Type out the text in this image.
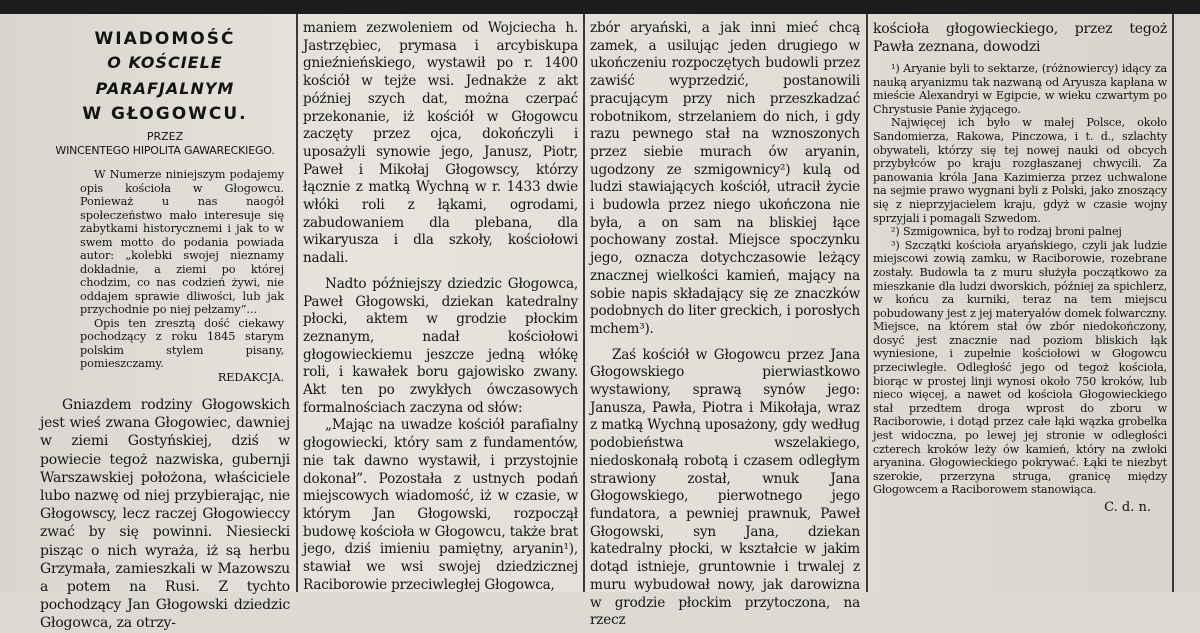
WIADOMOŚĆ
O KOŚCIELE PARAFJALNYM
W GŁOGOWCU.
PRZEZ
WINCENTEGO HIPOLITA GAWARECKIEGO.

W Numerze niniejszym podajemy opis kościoła w Głogowcu. Ponieważ u nas naogół społeczeństwo mało interesuje się zabytkami historycznemi i jak to w swem motto do podania powiada autor: „kolebki swojej nieznamy dokładnie, a ziemi po której chodzim, co nas codzień żywi, nie oddajem sprawie dliwości, lub jak przychodnie po niej pełzamy”...

Opis ten zresztą dość ciekawy pochodzący z roku 1845 starym polskim stylem pisany, pomieszczamy.

REDAKCJA.

Gniazdem rodziny Głogowskich jest wieś zwana Głogowiec, dawniej w ziemi Gostyńskiej, dziś w powiecie tegoż nazwiska, gubernji Warszawskiej położona, właściciele lubo nazwę od niej przybierając, nie Głogowscy, lecz raczej Głogowieccy zwać by się powinni. Niesiecki pisząc o nich wyraża, iż są herbu Grzymała, zamieszkali w Mazowszu a potem na Rusi. Z tychto pochodzący Jan Głogowski dziedzic Głogowca, za otrzy-

maniem zezwoleniem od Wojciecha h. Jastrzębiec, prymasa i arcybiskupa gnieźnieńskiego, wystawił po r. 1400 kościół w tejże wsi. Jednakże z akt później szych dat, można czerpać przekonanie, iż kościół w Głogowcu zaczęty przez ojca, dokończyli i uposażyli synowie jego, Janusz, Piotr, Paweł i Mikołaj Głogowscy, którzy łącznie z matką Wychną w r. 1433 dwie włóki roli z łąkami, ogrodami, zabudowaniem dla plebana, dla wikaryusza i dla szkoły, kościołowi nadali.

Nadto późniejszy dziedzic Głogowca, Paweł Głogowski, dziekan katedralny płocki, aktem w grodzie płockim zeznanym, nadał kościołowi głogowieckiemu jeszcze jedną włókę roli, i kawałek boru gajowisko zwany. Akt ten po zwykłych ówczasowych formalnościach zaczyna od słów:

„Mając na uwadze kościół parafialny głogowiecki, który sam z fundamentów, nie tak dawno wystawił, i przystojnie dokonał”. Pozostała z ustnych podań miejscowych wiadomość, iż w czasie, w którym Jan Głogowski, rozpoczął budowę kościoła w Głogowcu, także brat jego, dziś imieniu pamiętny, aryanin¹), stawiał we wsi swojej dziedzicznej Raciborowie przeciwległej Głogowca,

zbór aryański, a jak inni mieć chcą zamek, a usilując jeden drugiego w ukończeniu rozpoczętych budowli przez zawiść wyprzedzić, postanowili pracującym przy nich przeszkadzać robotnikom, strzelaniem do nich, i gdy razu pewnego stał na wznoszonych przez siebie murach ów aryanin, ugodzony ze szmigownicy²) kulą od ludzi stawiających kościół, utracił życie i budowla przez niego ukończona nie była, a on sam na bliskiej łące pochowany został. Miejsce spoczynku jego, oznacza dotychczasowie leżący znacznej wielkości kamień, mający na sobie napis składający się ze znaczków podobnych do liter greckich, i porosłych mchem³).

Zaś kościół w Głogowcu przez Jana Głogowskiego pierwiastkowo wystawiony, sprawą synów jego: Janusza, Pawła, Piotra i Mikołaja, wraz z matką Wychną uposażony, gdy według podobieństwa wszelakiego, niedoskonałą robotą i czasem odległym strawiony został, wnuk Jana Głogowskiego, pierwotnego jego fundatora, a pewniej prawnuk, Paweł Głogowski, syn Jana, dziekan katedralny płocki, w kształcie w jakim dotąd istnieje, gruntownie i trwalej z muru wybudował nowy, jak darowizna w grodzie płockim przytoczona, na rzecz

kościoła głogowieckiego, przez tegoż Pawła zeznana, dowodzi

¹) Aryanie byli to sektarze, (różnowiercy) idący za nauką aryanizmu tak nazwaną od Aryusza kapłana w mieście Alexandryi w Egipcie, w wieku czwartym po Chrystusie Panie żyjącego.

Najwięcej ich było w małej Polsce, około Sandomierza, Rakowa, Pinczowa, i t. d., szlachty obywateli, którzy się tej nowej nauki od obcych przybyłców po kraju rozgłaszanej chwycili. Za panowania króla Jana Kazimierza przez uchwalone na sejmie prawo wygnani byli z Polski, jako znoszący się z nieprzyjacielem kraju, gdyż w czasie wojny sprzyjali i pomagali Szwedom.

²) Szmigownica, był to rodzaj broni palnej

³) Szczątki kościoła aryańskiego, czyli jak ludzie miejscowi zowią zamku, w Raciborowie, rozebrane zostały. Budowla ta z muru służyła początkowo za mieszkanie dla ludzi dworskich, później za spichlerz, w końcu za kurniki, teraz na tem miejscu pobudowany jest z jej materyałów domek folwarczny. Miejsce, na którem stał ów zbór niedokończony, dosyć jest znacznie nad poziom bliskich łąk wyniesione, i zupełnie kościołowi w Głogowcu przeciwległe. Odległość jego od tegoż kościoła, biorąc w prostej linji wynosi około 750 kroków, lub nieco więcej, a nawet od kościoła Głogowieckiego stał przedtem droga wprost do zboru w Raciborowie, i dotąd przez całe łąki wązka grobelka jest widoczna, po lewej jej stronie w odległości czterech kroków leży ów kamień, który na zwłoki aryanina. Głogowieckiego pokrywać. Łąki te niezbyt szerokie, przerzyna struga, granicę między Głogowcem a Raciborowem stanowiąca.

C. d. n.
